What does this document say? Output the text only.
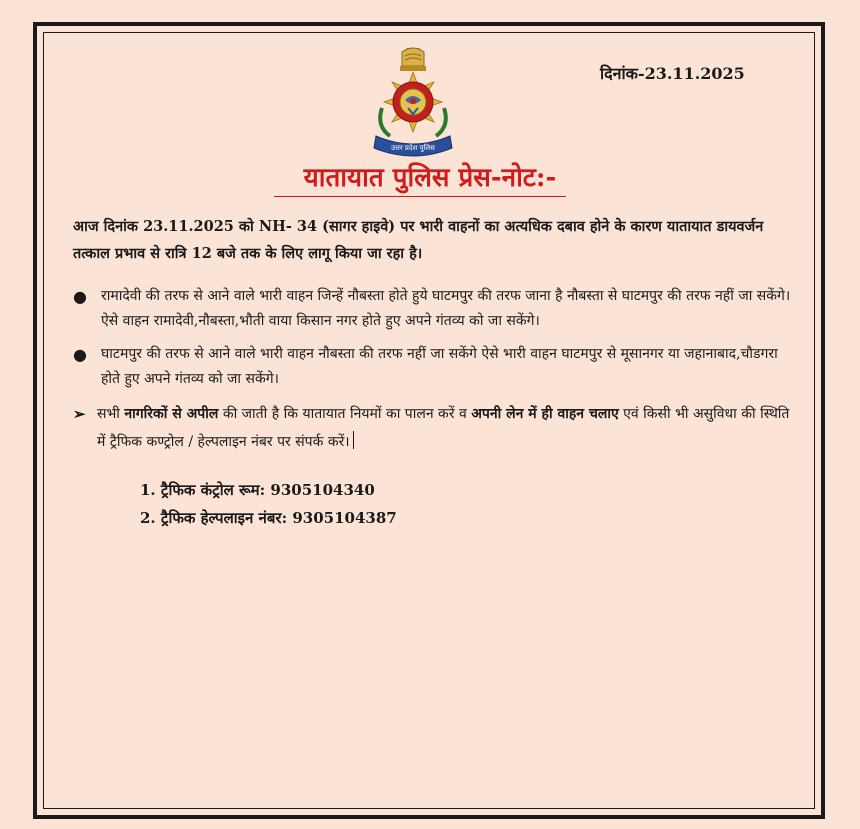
दिनांक-23.11.2025
उत्तर प्रदेश पुलिस
यातायात पुलिस प्रेस-नोट:-
आज दिनांक 23.11.2025 को NH- 34 (सागर हाइवे) पर भारी वाहनों का अत्यधिक दबाव होने के कारण यातायात डायवर्जन तत्काल प्रभाव से रात्रि 12 बजे तक के लिए लागू किया जा रहा है।
● रामादेवी की तरफ से आने वाले भारी वाहन जिन्हें नौबस्ता होते हुये घाटमपुर की तरफ जाना है नौबस्ता से घाटमपुर की तरफ नहीं जा सकेंगे। ऐसे वाहन रामादेवी,नौबस्ता,भौती वाया किसान नगर होते हुए अपने गंतव्य को जा सकेंगे।
● घाटमपुर की तरफ से आने वाले भारी वाहन नौबस्ता की तरफ नहीं जा सकेंगे ऐसे भारी वाहन घाटमपुर से मूसानगर या जहानाबाद,चौडगरा होते हुए अपने गंतव्य को जा सकेंगे।
➢ सभी नागरिकों से अपील की जाती है कि यातायात नियमों का पालन करें व अपनी लेन में ही वाहन चलाए एवं किसी भी असुविधा की स्थिति में ट्रैफिक कण्ट्रोल / हेल्पलाइन नंबर पर संपर्क करें।
1. ट्रैफिक कंट्रोल रूम: 9305104340
2. ट्रैफिक हेल्पलाइन नंबर: 9305104387
